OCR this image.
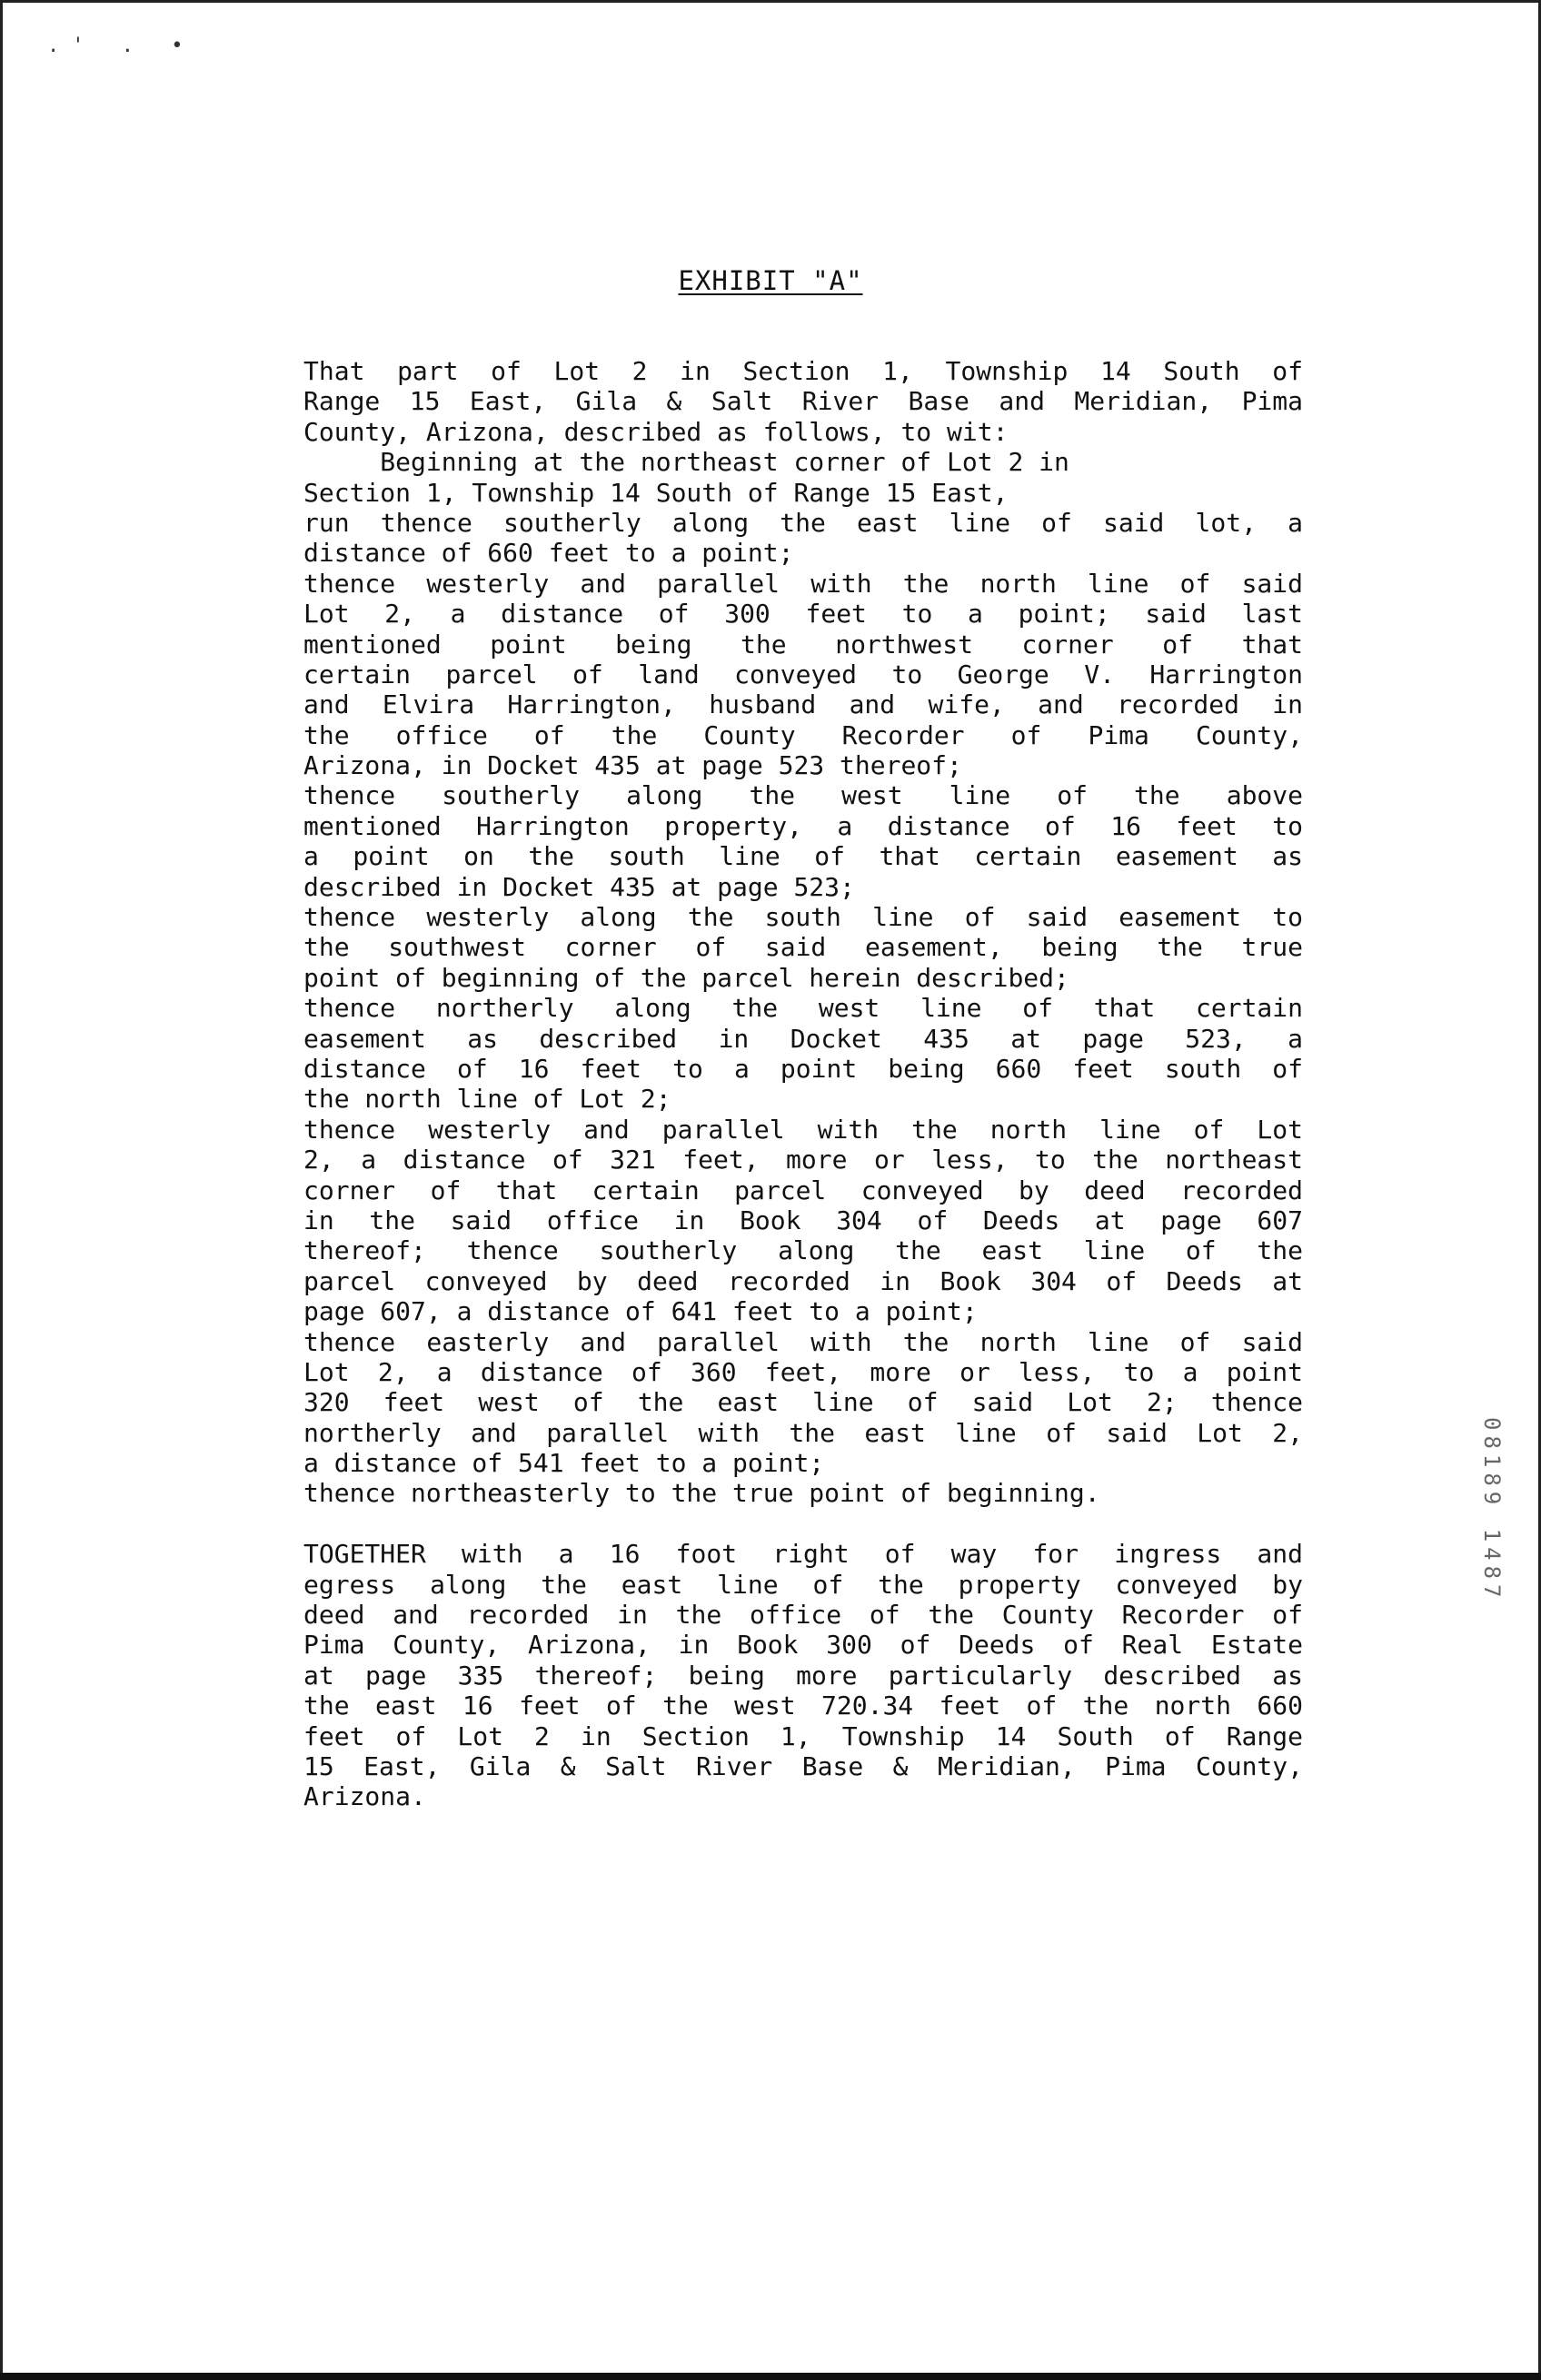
.' . •
EXHIBIT "A"
That part of Lot 2 in Section 1, Township 14 South of
Range 15 East, Gila & Salt River Base and Meridian, Pima
County, Arizona, described as follows, to wit:
Beginning at the northeast corner of Lot 2 in
Section 1, Township 14 South of Range 15 East,
run thence southerly along the east line of said lot, a
distance of 660 feet to a point;
thence westerly and parallel with the north line of said
Lot 2, a distance of 300 feet to a point; said last
mentioned point being the northwest corner of that
certain parcel of land conveyed to George V. Harrington
and Elvira Harrington, husband and wife, and recorded in
the office of the County Recorder of Pima County,
Arizona, in Docket 435 at page 523 thereof;
thence southerly along the west line of the above
mentioned Harrington property, a distance of 16 feet to
a point on the south line of that certain easement as
described in Docket 435 at page 523;
thence westerly along the south line of said easement to
the southwest corner of said easement, being the true
point of beginning of the parcel herein described;
thence northerly along the west line of that certain
easement as described in Docket 435 at page 523, a
distance of 16 feet to a point being 660 feet south of
the north line of Lot 2;
thence westerly and parallel with the north line of Lot
2, a distance of 321 feet, more or less, to the northeast
corner of that certain parcel conveyed by deed recorded
in the said office in Book 304 of Deeds at page 607
thereof; thence southerly along the east line of the
parcel conveyed by deed recorded in Book 304 of Deeds at
page 607, a distance of 641 feet to a point;
thence easterly and parallel with the north line of said
Lot 2, a distance of 360 feet, more or less, to a point
320 feet west of the east line of said Lot 2; thence
northerly and parallel with the east line of said Lot 2,
a distance of 541 feet to a point;
thence northeasterly to the true point of beginning.
TOGETHER with a 16 foot right of way for ingress and
egress along the east line of the property conveyed by
deed and recorded in the office of the County Recorder of
Pima County, Arizona, in Book 300 of Deeds of Real Estate
at page 335 thereof; being more particularly described as
the east 16 feet of the west 720.34 feet of the north 660
feet of Lot 2 in Section 1, Township 14 South of Range
15 East, Gila & Salt River Base & Meridian, Pima County,
Arizona.
08189 1487
